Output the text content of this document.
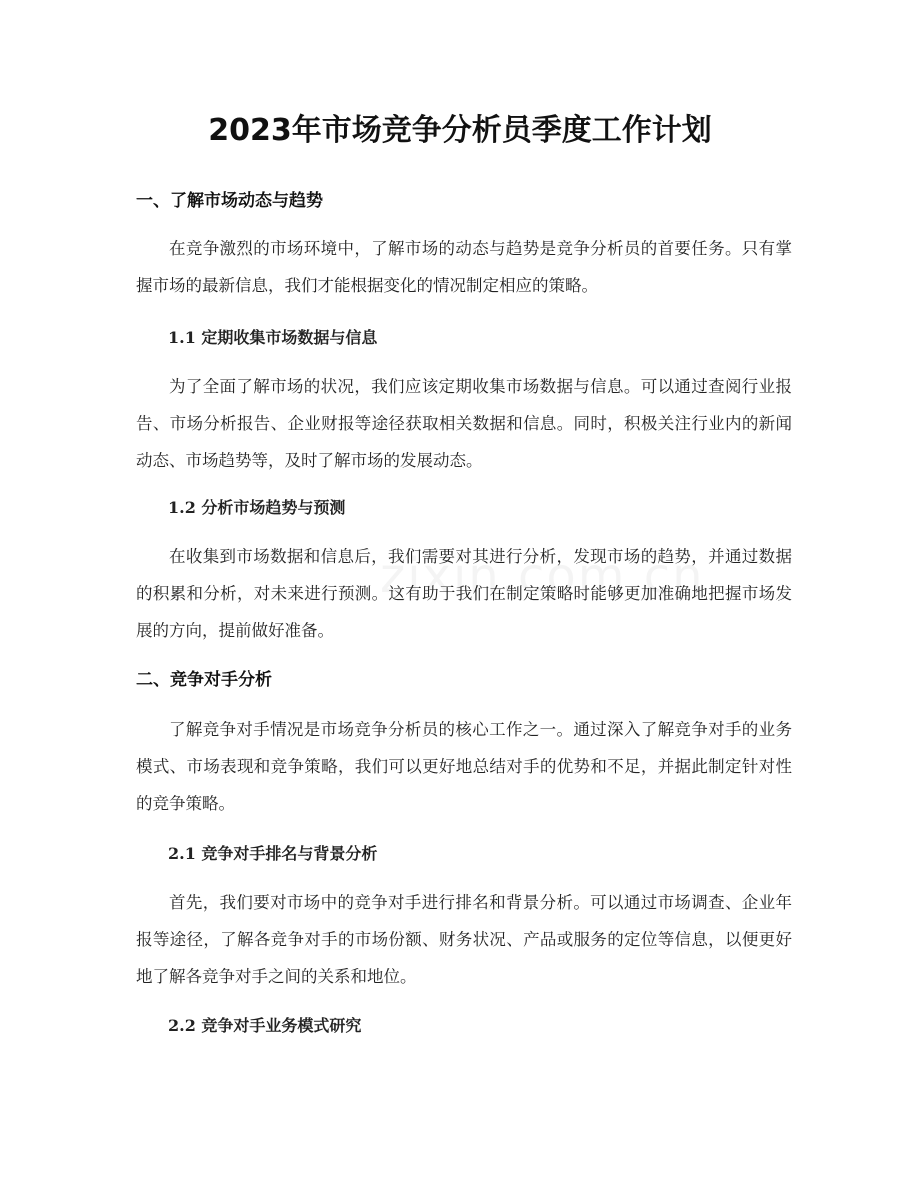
2023年市场竞争分析员季度工作计划
一、了解市场动态与趋势

在竞争激烈的市场环境中，了解市场的动态与趋势是竞争分析员的首要任务。只有掌握市场的最新信息，我们才能根据变化的情况制定相应的策略。

1.1 定期收集市场数据与信息

为了全面了解市场的状况，我们应该定期收集市场数据与信息。可以通过查阅行业报告、市场分析报告、企业财报等途径获取相关数据和信息。同时，积极关注行业内的新闻动态、市场趋势等，及时了解市场的发展动态。

1.2 分析市场趋势与预测

在收集到市场数据和信息后，我们需要对其进行分析，发现市场的趋势，并通过数据的积累和分析，对未来进行预测。这有助于我们在制定策略时能够更加准确地把握市场发展的方向，提前做好准备。

二、竞争对手分析

了解竞争对手情况是市场竞争分析员的核心工作之一。通过深入了解竞争对手的业务模式、市场表现和竞争策略，我们可以更好地总结对手的优势和不足，并据此制定针对性的竞争策略。

2.1 竞争对手排名与背景分析

首先，我们要对市场中的竞争对手进行排名和背景分析。可以通过市场调查、企业年报等途径，了解各竞争对手的市场份额、财务状况、产品或服务的定位等信息，以便更好地了解各竞争对手之间的关系和地位。

2.2 竞争对手业务模式研究
